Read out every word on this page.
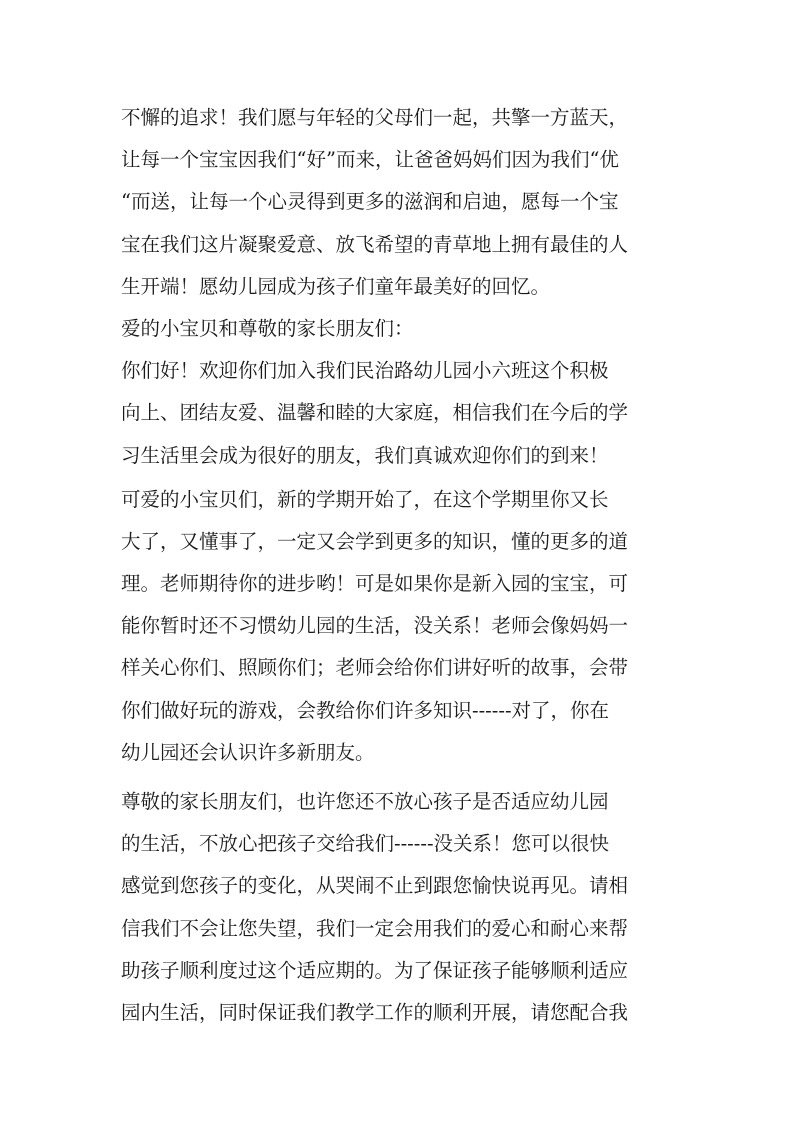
不懈的追求！我们愿与年轻的父母们一起，共擎一方蓝天，
让每一个宝宝因我们“好”而来，让爸爸妈妈们因为我们“优
“而送，让每一个心灵得到更多的滋润和启迪，愿每一个宝
宝在我们这片凝聚爱意、放飞希望的青草地上拥有最佳的人
生开端！愿幼儿园成为孩子们童年最美好的回忆。
爱的小宝贝和尊敬的家长朋友们：
你们好！欢迎你们加入我们民治路幼儿园小六班这个积极
向上、团结友爱、温馨和睦的大家庭，相信我们在今后的学
习生活里会成为很好的朋友，我们真诚欢迎你们的到来！
可爱的小宝贝们，新的学期开始了，在这个学期里你又长
大了，又懂事了，一定又会学到更多的知识，懂的更多的道
理。老师期待你的进步哟！可是如果你是新入园的宝宝，可
能你暂时还不习惯幼儿园的生活，没关系！老师会像妈妈一
样关心你们、照顾你们；老师会给你们讲好听的故事，会带
你们做好玩的游戏，会教给你们许多知识------对了，你在
幼儿园还会认识许多新朋友。
尊敬的家长朋友们，也许您还不放心孩子是否适应幼儿园
的生活，不放心把孩子交给我们------没关系！您可以很快
感觉到您孩子的变化，从哭闹不止到跟您愉快说再见。请相
信我们不会让您失望，我们一定会用我们的爱心和耐心来帮
助孩子顺利度过这个适应期的。为了保证孩子能够顺利适应
园内生活，同时保证我们教学工作的顺利开展，请您配合我
